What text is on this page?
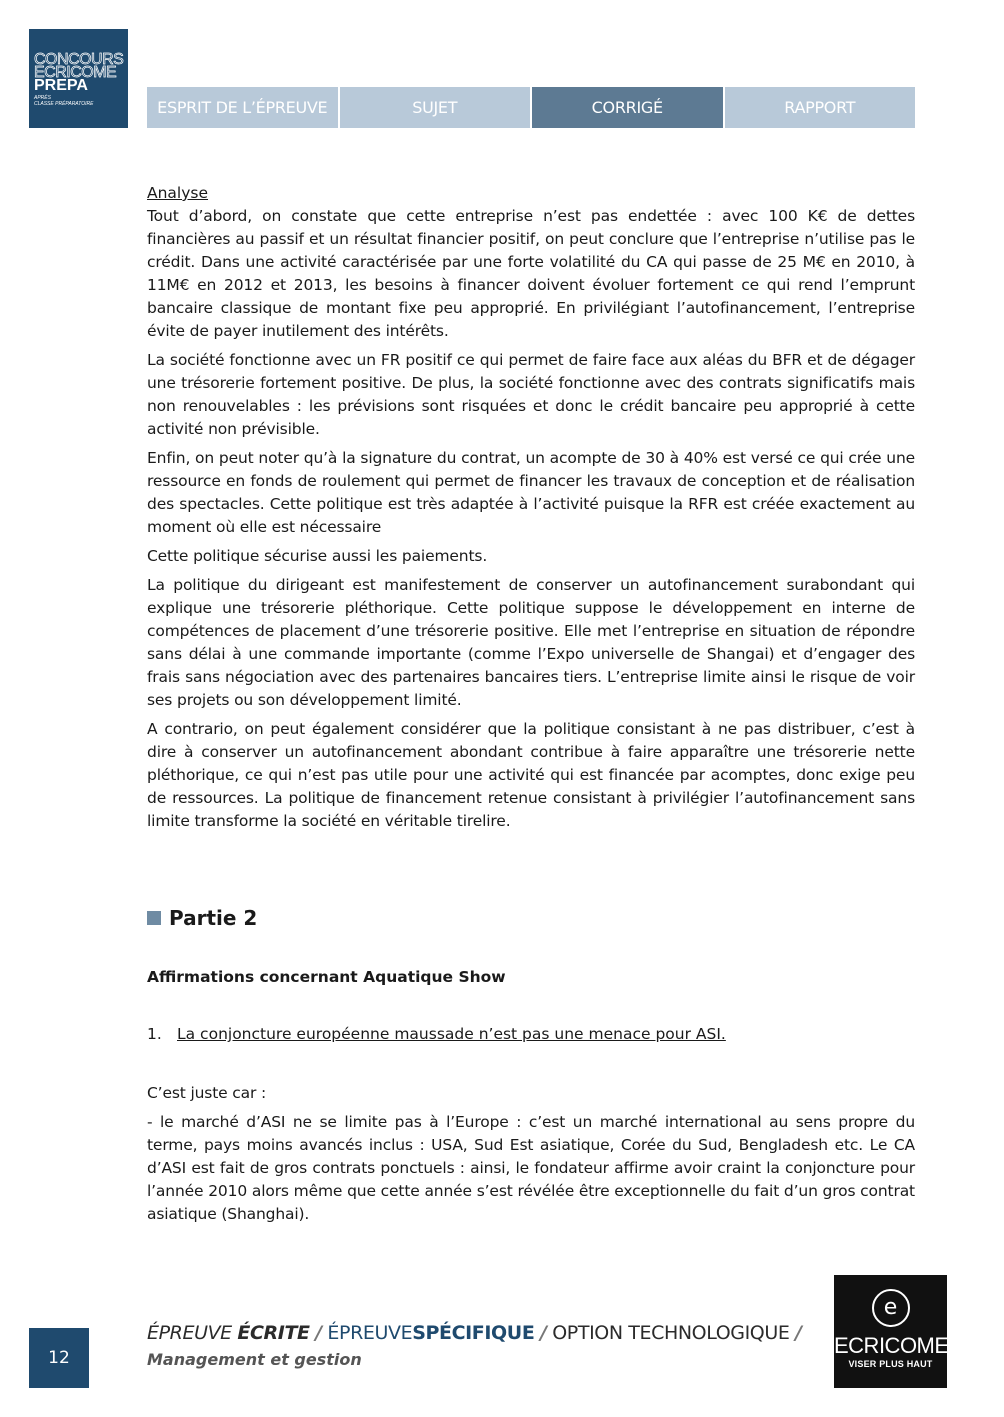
CONCOURS
ECRICOME
PREPA
APRÈS
CLASSE PRÉPARATOIRE	ESPRIT DE L’ÉPREUVE	SUJET	CORRIGÉ	RAPPORT

Analyse

Tout d’abord, on constate que cette entreprise n’est pas endettée : avec 100 K€ de dettes financières au passif et un résultat financier positif, on peut conclure que l’entreprise n’utilise pas le crédit. Dans une activité caractérisée par une forte volatilité du CA qui passe de 25 M€ en 2010, à 11M€ en 2012 et 2013, les besoins à financer doivent évoluer fortement ce qui rend l’emprunt bancaire classique de montant fixe peu approprié. En privilégiant l’autofinancement, l’entreprise évite de payer inutilement des intérêts.

La société fonctionne avec un FR positif ce qui permet de faire face aux aléas du BFR et de dégager une trésorerie fortement positive. De plus, la société fonctionne avec des contrats significatifs mais non renouvelables : les prévisions sont risquées et donc le crédit bancaire peu approprié à cette activité non prévisible.

Enfin, on peut noter qu’à la signature du contrat, un acompte de 30 à 40% est versé ce qui crée une ressource en fonds de roulement qui permet de financer les travaux de conception et de réalisation des spectacles. Cette politique est très adaptée à l’activité puisque la RFR est créée exactement au moment où elle est nécessaire

Cette politique sécurise aussi les paiements.

La politique du dirigeant est manifestement de conserver un autofinancement surabondant qui explique une trésorerie pléthorique. Cette politique suppose le développement en interne de compétences de placement d’une trésorerie positive. Elle met l’entreprise en situation de répondre sans délai à une commande importante (comme l’Expo universelle de Shangai) et d’engager des frais sans négociation avec des partenaires bancaires tiers. L’entreprise limite ainsi le risque de voir ses projets ou son développement limité.

A contrario, on peut également considérer que la politique consistant à ne pas distribuer, c’est à dire à conserver un autofinancement abondant contribue à faire apparaître une trésorerie nette pléthorique, ce qui n’est pas utile pour une activité qui est financée par acomptes, donc exige peu de ressources. La politique de financement retenue consistant à privilégier l’autofinancement sans limite transforme la société en véritable tirelire.

Partie 2
Affirmations concernant Aquatique Show
1. La conjoncture européenne maussade n’est pas une menace pour ASI.

C’est juste car :

- le marché d’ASI ne se limite pas à l’Europe : c’est un marché international au sens propre du terme, pays moins avancés inclus : USA, Sud Est asiatique, Corée du Sud, Bengladesh etc. Le CA d’ASI est fait de gros contrats ponctuels : ainsi, le fondateur affirme avoir craint la conjoncture pour l’année 2010 alors même que cette année s’est révélée être exceptionnelle du fait d’un gros contrat asiatique (Shanghai).

12
ÉPREUVE ÉCRITE / ÉPREUVESPÉCIFIQUE / OPTION TECHNOLOGIQUE /
Management et gestion
e
ECRICOME
VISER PLUS HAUT
